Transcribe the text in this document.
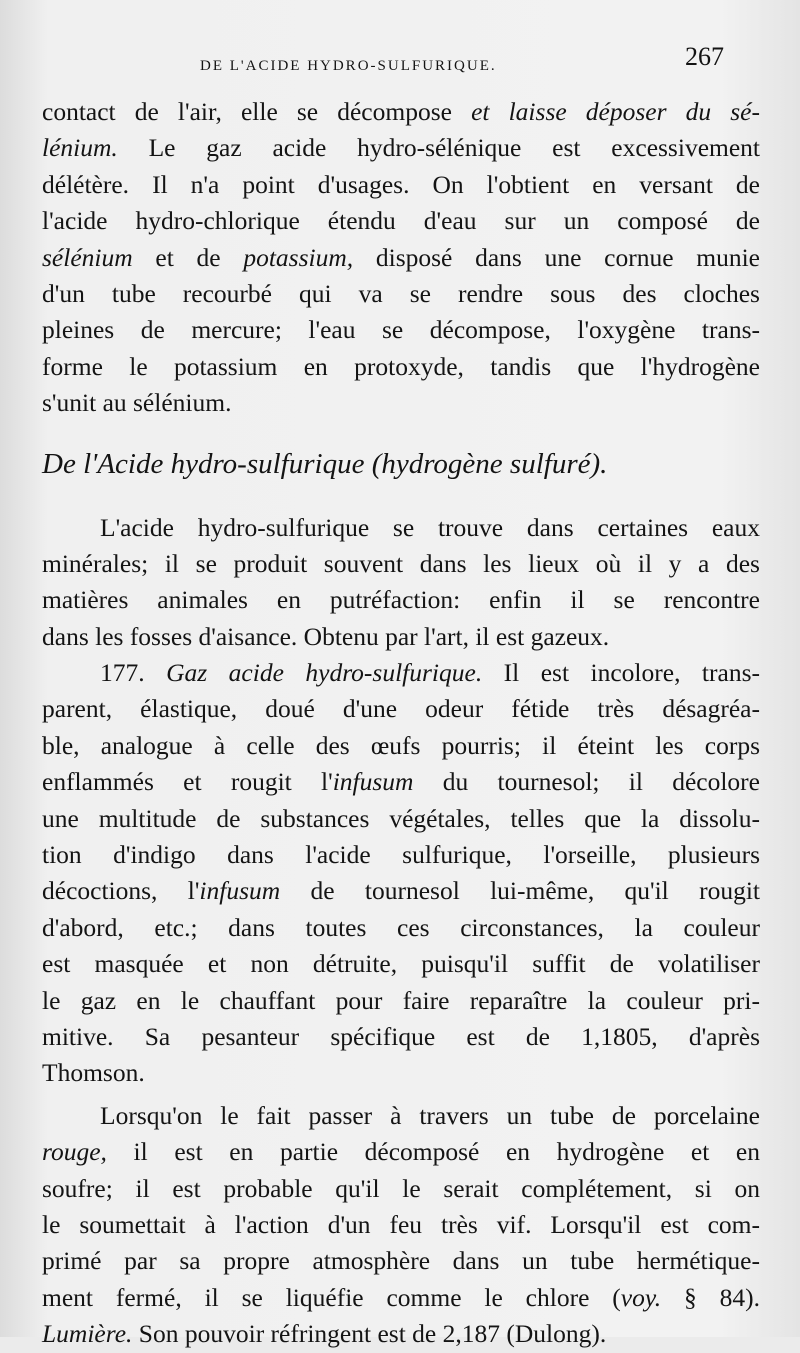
DE L'ACIDE HYDRO-SULFURIQUE.	267
contact de l'air, elle se décompose et laisse déposer du sé-
lénium. Le gaz acide hydro-sélénique est excessivement
délétère. Il n'a point d'usages. On l'obtient en versant de
l'acide hydro-chlorique étendu d'eau sur un composé de
sélénium et de potassium, disposé dans une cornue munie
d'un tube recourbé qui va se rendre sous des cloches
pleines de mercure; l'eau se décompose, l'oxygène trans-
forme le potassium en protoxyde, tandis que l'hydrogène
s'unit au sélénium.
De l'Acide hydro-sulfurique (hydrogène sulfuré).
L'acide hydro-sulfurique se trouve dans certaines eaux
minérales; il se produit souvent dans les lieux où il y a des
matières animales en putréfaction: enfin il se rencontre
dans les fosses d'aisance. Obtenu par l'art, il est gazeux.
177. Gaz acide hydro-sulfurique. Il est incolore, trans-
parent, élastique, doué d'une odeur fétide très désagréa-
ble, analogue à celle des œufs pourris; il éteint les corps
enflammés et rougit l'infusum du tournesol; il décolore
une multitude de substances végétales, telles que la dissolu-
tion d'indigo dans l'acide sulfurique, l'orseille, plusieurs
décoctions, l'infusum de tournesol lui-même, qu'il rougit
d'abord, etc.; dans toutes ces circonstances, la couleur
est masquée et non détruite, puisqu'il suffit de volatiliser
le gaz en le chauffant pour faire reparaître la couleur pri-
mitive. Sa pesanteur spécifique est de 1,1805, d'après
Thomson.
Lorsqu'on le fait passer à travers un tube de porcelaine
rouge, il est en partie décomposé en hydrogène et en
soufre; il est probable qu'il le serait complétement, si on
le soumettait à l'action d'un feu très vif. Lorsqu'il est com-
primé par sa propre atmosphère dans un tube hermétique-
ment fermé, il se liquéfie comme le chlore (voy. § 84).
Lumière. Son pouvoir réfringent est de 2,187 (Dulong).
